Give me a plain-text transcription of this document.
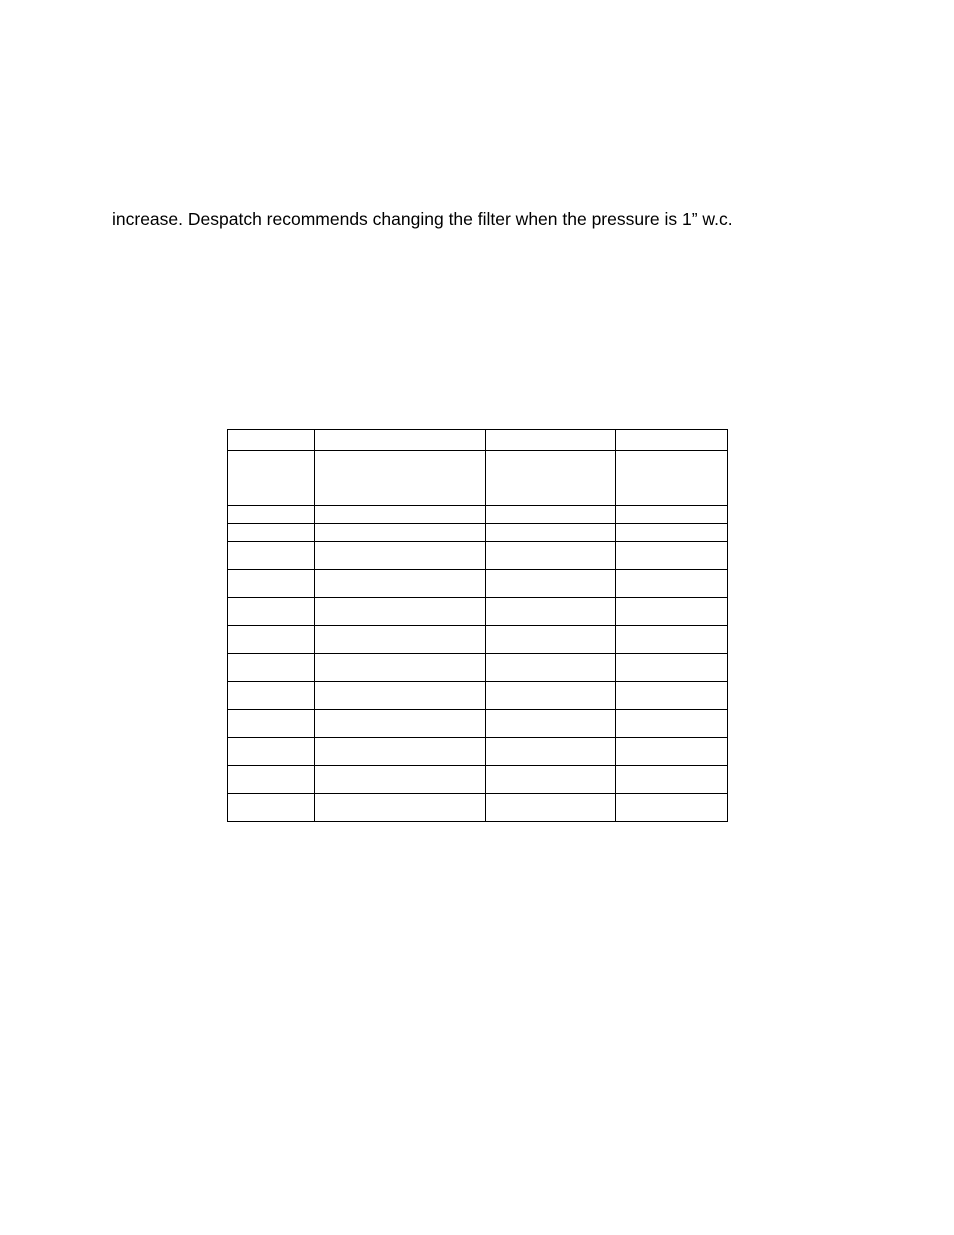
increase. Despatch recommends changing the filter when the pressure is 1” w.c.
